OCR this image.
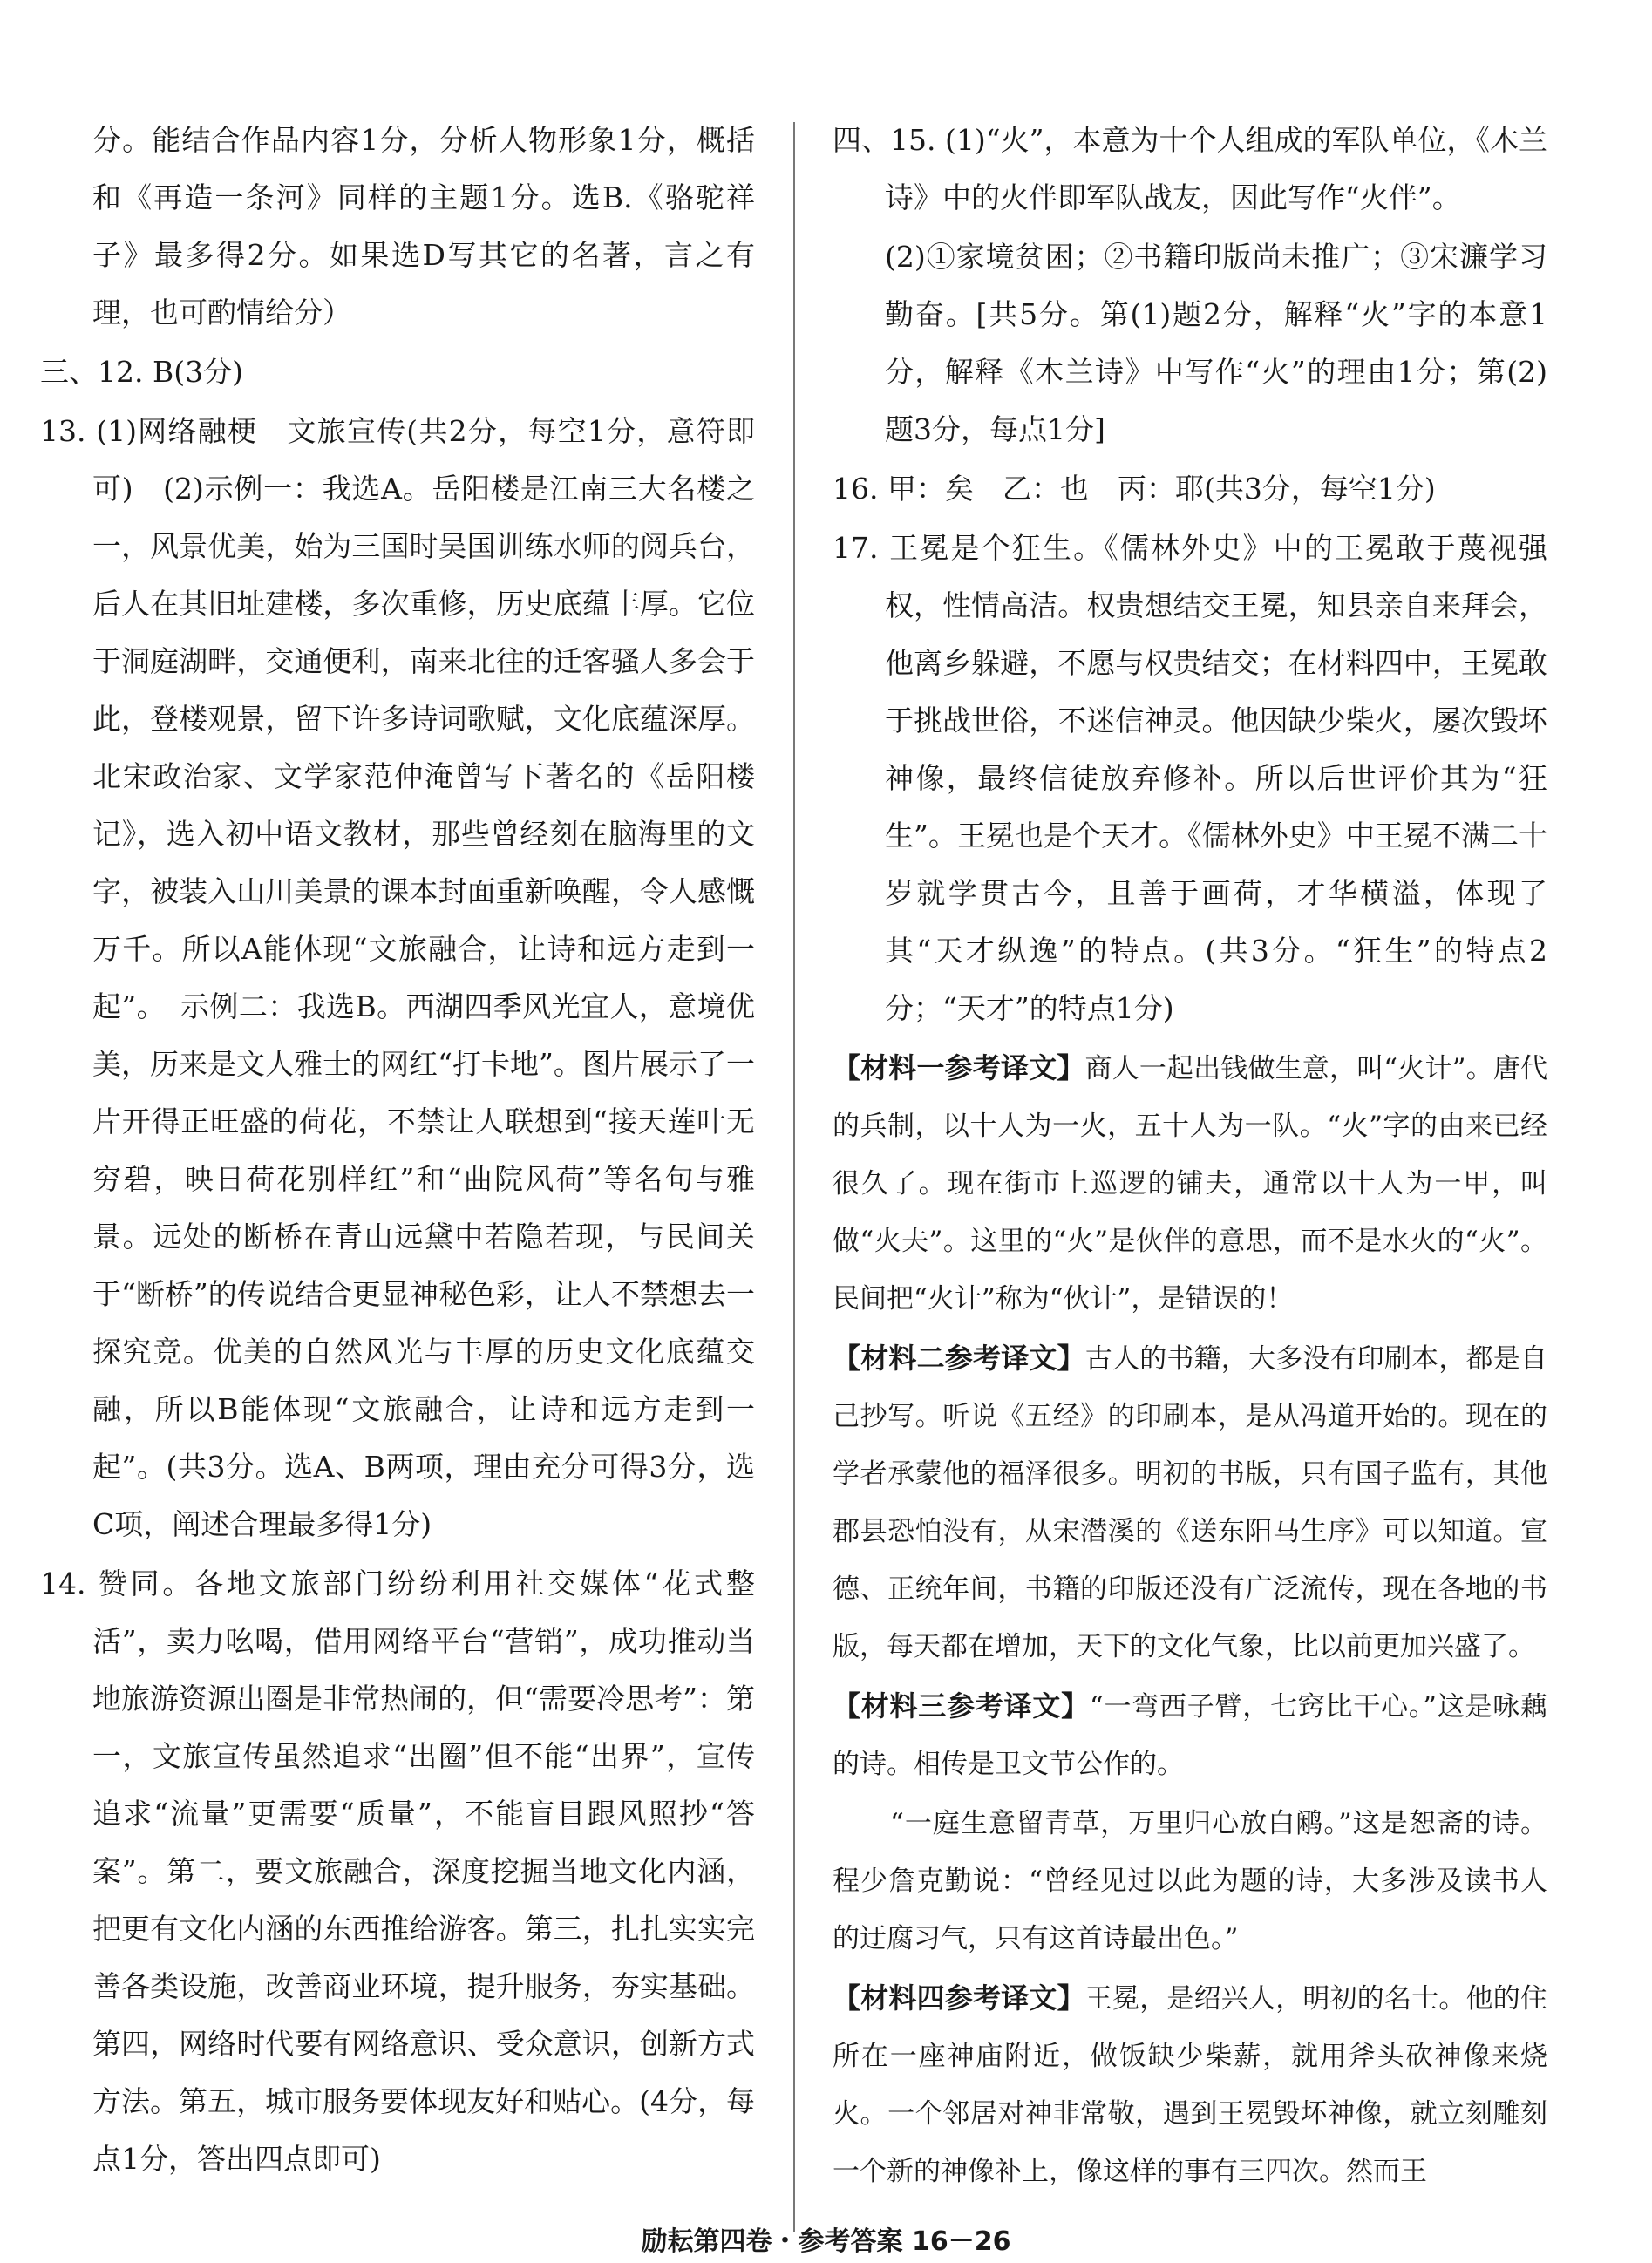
分。能结合作品内容1分，分析人物形象1分，概括和《再造一条河》同样的主题1分。选B.《骆驼祥子》最多得2分。如果选D写其它的名著，言之有理，也可酌情给分）
三、12. B(3分)
13. (1)网络融梗　文旅宣传(共2分，每空1分，意符即可)　(2)示例一：我选A。岳阳楼是江南三大名楼之一，风景优美，始为三国时吴国训练水师的阅兵台，后人在其旧址建楼，多次重修，历史底蕴丰厚。它位于洞庭湖畔，交通便利，南来北往的迁客骚人多会于此，登楼观景，留下许多诗词歌赋，文化底蕴深厚。北宋政治家、文学家范仲淹曾写下著名的《岳阳楼记》，选入初中语文教材，那些曾经刻在脑海里的文字，被装入山川美景的课本封面重新唤醒，令人感慨万千。所以A能体现“文旅融合，让诗和远方走到一起”。　示例二：我选B。西湖四季风光宜人，意境优美，历来是文人雅士的网红“打卡地”。图片展示了一片开得正旺盛的荷花，不禁让人联想到“接天莲叶无穷碧，映日荷花别样红”和“曲院风荷”等名句与雅景。远处的断桥在青山远黛中若隐若现，与民间关于“断桥”的传说结合更显神秘色彩，让人不禁想去一探究竟。优美的自然风光与丰厚的历史文化底蕴交融，所以B能体现“文旅融合，让诗和远方走到一起”。(共3分。选A、B两项，理由充分可得3分，选C项，阐述合理最多得1分)
14. 赞同。各地文旅部门纷纷利用社交媒体“花式整活”，卖力吆喝，借用网络平台“营销”，成功推动当地旅游资源出圈是非常热闹的，但“需要冷思考”：第一，文旅宣传虽然追求“出圈”但不能“出界”，宣传追求“流量”更需要“质量”，不能盲目跟风照抄“答案”。第二，要文旅融合，深度挖掘当地文化内涵，把更有文化内涵的东西推给游客。第三，扎扎实实完善各类设施，改善商业环境，提升服务，夯实基础。第四，网络时代要有网络意识、受众意识，创新方式方法。第五，城市服务要体现友好和贴心。(4分，每点1分，答出四点即可)
四、15. (1)“火”，本意为十个人组成的军队单位，《木兰诗》中的火伴即军队战友，因此写作“火伴”。
(2)①家境贫困；②书籍印版尚未推广；③宋濂学习勤奋。[共5分。第(1)题2分，解释“火”字的本意1分，解释《木兰诗》中写作“火”的理由1分；第(2)题3分，每点1分]
16. 甲：矣　乙：也　丙：耶(共3分，每空1分)
17. 王冕是个狂生。《儒林外史》中的王冕敢于蔑视强权，性情高洁。权贵想结交王冕，知县亲自来拜会，他离乡躲避，不愿与权贵结交；在材料四中，王冕敢于挑战世俗，不迷信神灵。他因缺少柴火，屡次毁坏神像，最终信徒放弃修补。所以后世评价其为“狂生”。王冕也是个天才。《儒林外史》中王冕不满二十岁就学贯古今，且善于画荷，才华横溢，体现了其“天才纵逸”的特点。(共3分。“狂生”的特点2分；“天才”的特点1分)
【材料一参考译文】商人一起出钱做生意，叫“火计”。唐代的兵制，以十人为一火，五十人为一队。“火”字的由来已经很久了。现在街市上巡逻的铺夫，通常以十人为一甲，叫做“火夫”。这里的“火”是伙伴的意思，而不是水火的“火”。民间把“火计”称为“伙计”，是错误的！
【材料二参考译文】古人的书籍，大多没有印刷本，都是自己抄写。听说《五经》的印刷本，是从冯道开始的。现在的学者承蒙他的福泽很多。明初的书版，只有国子监有，其他郡县恐怕没有，从宋潜溪的《送东阳马生序》可以知道。宣德、正统年间，书籍的印版还没有广泛流传，现在各地的书版，每天都在增加，天下的文化气象，比以前更加兴盛了。
【材料三参考译文】“一弯西子臂，七窍比干心。”这是咏藕的诗。相传是卫文节公作的。
“一庭生意留青草，万里归心放白鹇。”这是恕斋的诗。程少詹克勤说：“曾经见过以此为题的诗，大多涉及读书人的迂腐习气，只有这首诗最出色。”
【材料四参考译文】王冕，是绍兴人，明初的名士。他的住所在一座神庙附近，做饭缺少柴薪，就用斧头砍神像来烧火。一个邻居对神非常敬，遇到王冕毁坏神像，就立刻雕刻一个新的神像补上，像这样的事有三四次。然而王
励耘第四卷・参考答案 16－26
